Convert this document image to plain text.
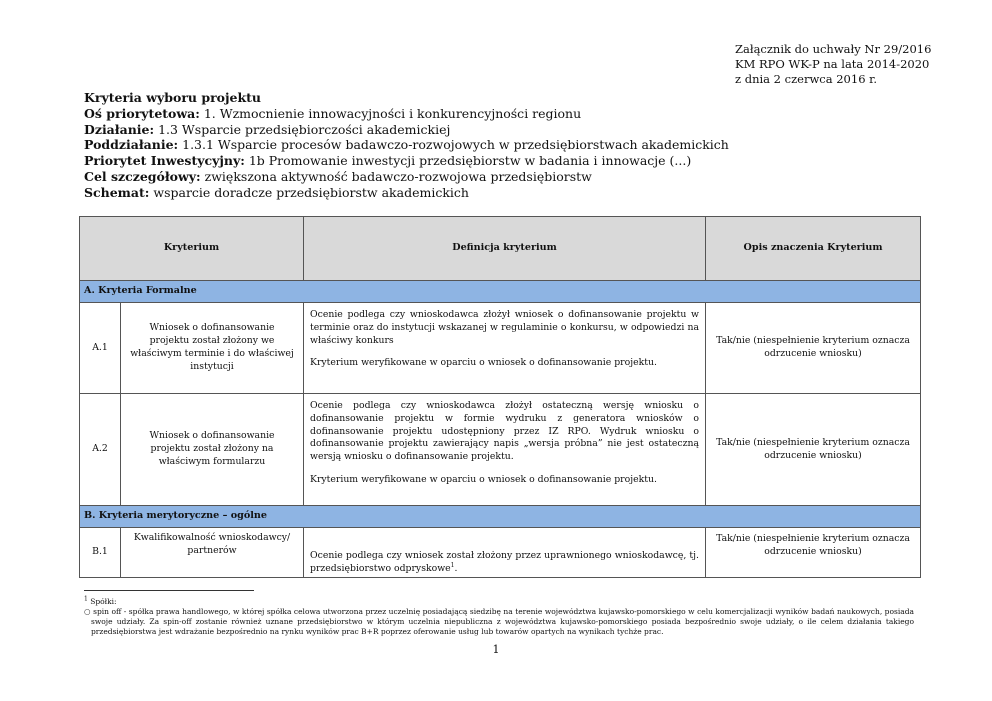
Załącznik do uchwały Nr 29/2016
KM RPO WK-P na lata 2014-2020
z dnia 2 czerwca 2016 r.
Kryteria wyboru projektu
Oś priorytetowa: 1. Wzmocnienie innowacyjności i konkurencyjności regionu
Działanie: 1.3 Wsparcie przedsiębiorczości akademickiej
Poddziałanie: 1.3.1 Wsparcie procesów badawczo-rozwojowych w przedsiębiorstwach akademickich
Priorytet Inwestycyjny: 1b Promowanie inwestycji przedsiębiorstw w badania i innowacje (...)
Cel szczegółowy: zwiększona aktywność badawczo-rozwojowa przedsiębiorstw
Schemat: wsparcie doradcze przedsiębiorstw akademickich
Kryterium		Definicja kryterium	Opis znaczenia Kryterium
A. Kryteria Formalne			
A.1	Wniosek o dofinansowanie projektu został złożony we właściwym terminie i do właściwej instytucji	Ocenie podlega czy wnioskodawca złożył wniosek o dofinansowanie projektu w terminie oraz do instytucji wskazanej w regulaminie o konkursu, w odpowiedzi na właściwy konkurs

Kryterium weryfikowane w oparciu o wniosek o dofinansowanie projektu.	Tak/nie (niespełnienie kryterium oznacza odrzucenie wniosku)
A.2	Wniosek o dofinansowanie projektu został złożony na właściwym formularzu	Ocenie podlega czy wnioskodawca złożył ostateczną wersję wniosku o dofinansowanie projektu w formie wydruku z generatora wniosków o dofinansowanie projektu udostępniony przez IZ RPO. Wydruk wniosku o dofinansowanie projektu zawierający napis „wersja próbna” nie jest ostateczną wersją wniosku o dofinansowanie projektu.

Kryterium weryfikowane w oparciu o wniosek o dofinansowanie projektu.	Tak/nie (niespełnienie kryterium oznacza odrzucenie wniosku)
B. Kryteria merytoryczne – ogólne			
B.1	Kwalifikowalność wnioskodawcy/ partnerów	Ocenie podlega czy wniosek został złożony przez uprawnionego wnioskodawcę, tj. przedsiębiorstwo odpryskowe$^1$.	Tak/nie (niespełnienie kryterium oznacza odrzucenie wniosku)
$^1$ Spółki:
○ spin off - spółka prawa handlowego, w której spółka celowa utworzona przez uczelnię posiadającą siedzibę na terenie województwa kujawsko-pomorskiego w celu komercjalizacji wyników badań naukowych, posiada swoje udziały. Za spin-off zostanie również uznane przedsiębiorstwo w którym uczelnia niepubliczna z województwa kujawsko-pomorskiego posiada bezpośrednio swoje udziały, o ile celem działania takiego przedsiębiorstwa jest wdrażanie bezpośrednio na rynku wyników prac B+R poprzez oferowanie usług lub towarów opartych na wynikach tychże prac.
1
